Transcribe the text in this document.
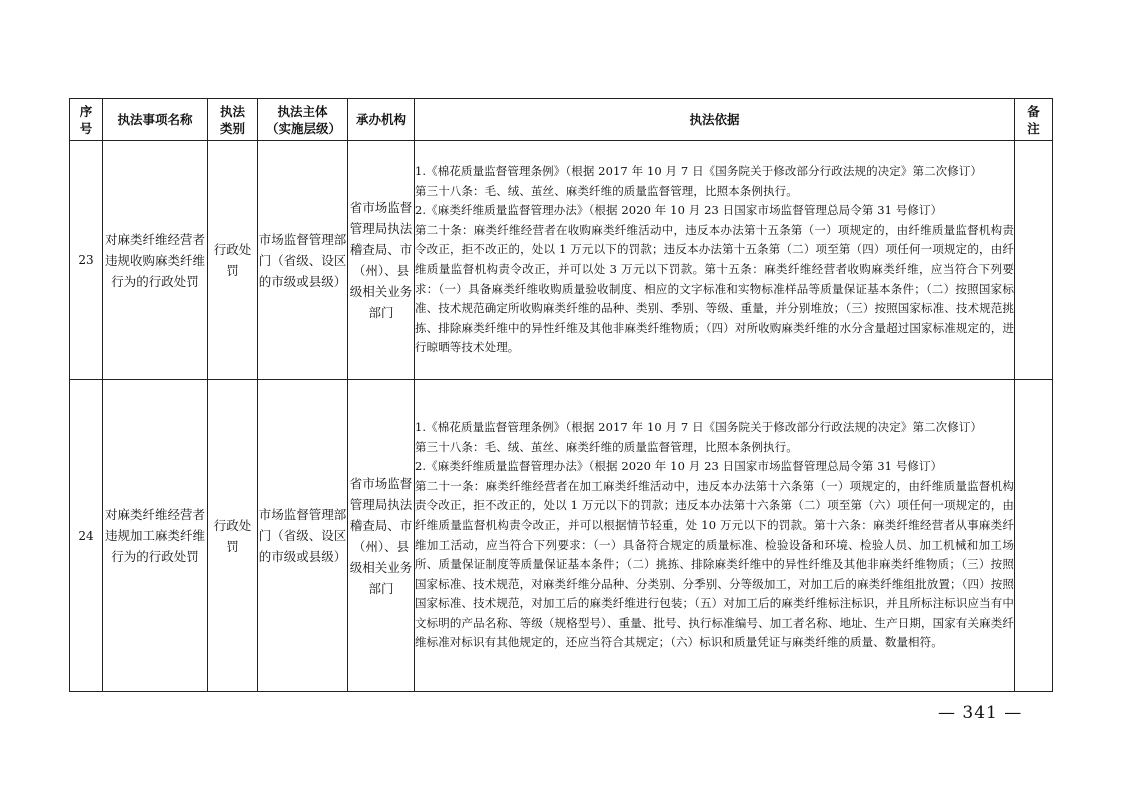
序号	执法事项名称	执法类别	执法主体（实施层级）	承办机构	执法依据	备注
23	对麻类纤维经营者违规收购麻类纤维行为的行政处罚	行政处罚	市场监督管理部门（省级、设区的市级或县级）	省市场监督管理局执法稽查局、市（州）、县级相关业务部门	1.《棉花质量监督管理条例》（根据 2017 年 10 月 7 日《国务院关于修改部分行政法规的决定》第二次修订）
第三十八条：毛、绒、茧丝、麻类纤维的质量监督管理，比照本条例执行。
2.《麻类纤维质量监督管理办法》（根据 2020 年 10 月 23 日国家市场监督管理总局令第 31 号修订）
第二十条：麻类纤维经营者在收购麻类纤维活动中，违反本办法第十五条第（一）项规定的，由纤维质量监督机构责令改正，拒不改正的，处以 1 万元以下的罚款；违反本办法第十五条第（二）项至第（四）项任何一项规定的，由纤维质量监督机构责令改正，并可以处 3 万元以下罚款。第十五条：麻类纤维经营者收购麻类纤维，应当符合下列要求：（一）具备麻类纤维收购质量验收制度、相应的文字标准和实物标准样品等质量保证基本条件；（二）按照国家标准、技术规范确定所收购麻类纤维的品种、类别、季别、等级、重量，并分别堆放；（三）按照国家标准、技术规范挑拣、排除麻类纤维中的异性纤维及其他非麻类纤维物质；（四）对所收购麻类纤维的水分含量超过国家标准规定的，进行晾晒等技术处理。	

24	对麻类纤维经营者违规加工麻类纤维行为的行政处罚	行政处罚	市场监督管理部门（省级、设区的市级或县级）	省市场监督管理局执法稽查局、市（州）、县级相关业务部门	1.《棉花质量监督管理条例》（根据 2017 年 10 月 7 日《国务院关于修改部分行政法规的决定》第二次修订）
第三十八条：毛、绒、茧丝、麻类纤维的质量监督管理，比照本条例执行。
2.《麻类纤维质量监督管理办法》（根据 2020 年 10 月 23 日国家市场监督管理总局令第 31 号修订）
第二十一条：麻类纤维经营者在加工麻类纤维活动中，违反本办法第十六条第（一）项规定的，由纤维质量监督机构责令改正，拒不改正的，处以 1 万元以下的罚款；违反本办法第十六条第（二）项至第（六）项任何一项规定的，由纤维质量监督机构责令改正，并可以根据情节轻重，处 10 万元以下的罚款。第十六条：麻类纤维经营者从事麻类纤维加工活动，应当符合下列要求：（一）具备符合规定的质量标准、检验设备和环境、检验人员、加工机械和加工场所、质量保证制度等质量保证基本条件；（二）挑拣、排除麻类纤维中的异性纤维及其他非麻类纤维物质；（三）按照国家标准、技术规范，对麻类纤维分品种、分类别、分季别、分等级加工，对加工后的麻类纤维组批放置；（四）按照国家标准、技术规范，对加工后的麻类纤维进行包装；（五）对加工后的麻类纤维标注标识，并且所标注标识应当有中文标明的产品名称、等级（规格型号）、重量、批号、执行标准编号、加工者名称、地址、生产日期，国家有关麻类纤维标准对标识有其他规定的，还应当符合其规定；（六）标识和质量凭证与麻类纤维的质量、数量相符。	

— 341 —
